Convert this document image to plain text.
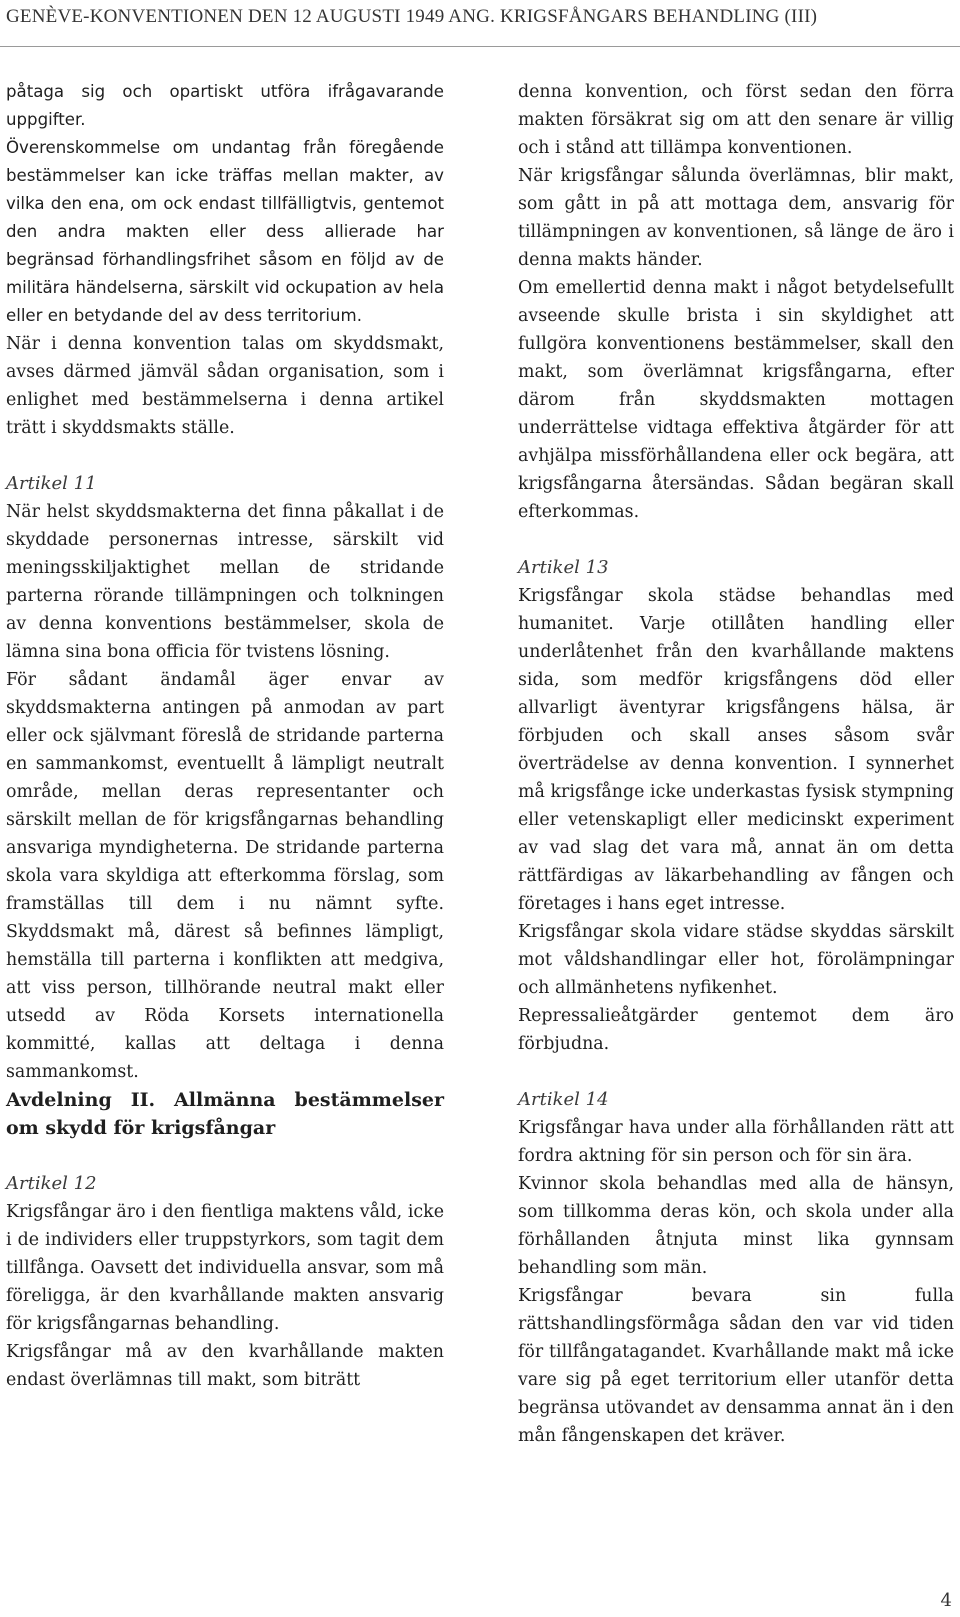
GENÈVE-KONVENTIONEN DEN 12 AUGUSTI 1949 ANG. KRIGSFÅNGARS BEHANDLING (III)

påtaga sig och opartiskt utföra ifrågavarande uppgifter.

Överenskommelse om undantag från föregående bestämmelser kan icke träffas mellan makter, av vilka den ena, om ock endast tillfälligtvis, gentemot den andra makten eller dess allierade har begränsad förhandlingsfrihet såsom en följd av de militära händelserna, särskilt vid ockupation av hela eller en betydande del av dess territorium.

När i denna konvention talas om skyddsmakt, avses därmed jämväl sådan organisation, som i enlighet med bestämmelserna i denna artikel trätt i skyddsmakts ställe.

Artikel 11

När helst skyddsmakterna det finna påkallat i de skyddade personernas intresse, särskilt vid meningsskiljaktighet mellan de stridande parterna rörande tillämpningen och tolkningen av denna konventions bestämmelser, skola de lämna sina bona officia för tvistens lösning.

För sådant ändamål äger envar av skyddsmakterna antingen på anmodan av part eller ock självmant föreslå de stridande parterna en sammankomst, eventuellt å lämpligt neutralt område, mellan deras representanter och särskilt mellan de för krigsfångarnas behandling ansvariga myndigheterna. De stridande parterna skola vara skyldiga att efterkomma förslag, som framställas till dem i nu nämnt syfte. Skyddsmakt må, därest så befinnes lämpligt, hemställa till parterna i konflikten att medgiva, att viss person, tillhörande neutral makt eller utsedd av Röda Korsets internationella kommitté, kallas att deltaga i denna sammankomst.

Avdelning II. Allmänna bestämmelser om skydd för krigsfångar

Artikel 12

Krigsfångar äro i den fientliga maktens våld, icke i de individers eller truppstyrkors, som tagit dem tillfånga. Oavsett det individuella ansvar, som må föreligga, är den kvarhållande makten ansvarig för krigsfångarnas behandling.

Krigsfångar må av den kvarhållande makten endast överlämnas till makt, som biträtt

denna konvention, och först sedan den förra makten försäkrat sig om att den senare är villig och i stånd att tillämpa konventionen.

När krigsfångar sålunda överlämnas, blir makt, som gått in på att mottaga dem, ansvarig för tillämpningen av konventionen, så länge de äro i denna makts händer.

Om emellertid denna makt i något betydelsefullt avseende skulle brista i sin skyldighet att fullgöra konventionens bestämmelser, skall den makt, som överlämnat krigsfångarna, efter därom från skyddsmakten mottagen underrättelse vidtaga effektiva åtgärder för att avhjälpa missförhållandena eller ock begära, att krigsfångarna återsändas. Sådan begäran skall efterkommas.

Artikel 13

Krigsfångar skola städse behandlas med humanitet. Varje otillåten handling eller underlåtenhet från den kvarhållande maktens sida, som medför krigsfångens död eller allvarligt äventyrar krigsfångens hälsa, är förbjuden och skall anses såsom svår överträdelse av denna konvention. I synnerhet må krigsfånge icke underkastas fysisk stympning eller vetenskapligt eller medicinskt experiment av vad slag det vara må, annat än om detta rättfärdigas av läkarbehandling av fången och företages i hans eget intresse.

Krigsfångar skola vidare städse skyddas särskilt mot våldshandlingar eller hot, förolämpningar och allmänhetens nyfikenhet.

Repressalieåtgärder gentemot dem äro förbjudna.

Artikel 14

Krigsfångar hava under alla förhållanden rätt att fordra aktning för sin person och för sin ära.

Kvinnor skola behandlas med alla de hänsyn, som tillkomma deras kön, och skola under alla förhållanden åtnjuta minst lika gynnsam behandling som män.

Krigsfångar bevara sin fulla rättshandlingsförmåga sådan den var vid tiden för tillfångatagandet. Kvarhållande makt må icke vare sig på eget territorium eller utanför detta begränsa utövandet av densamma annat än i den mån fångenskapen det kräver.

4
